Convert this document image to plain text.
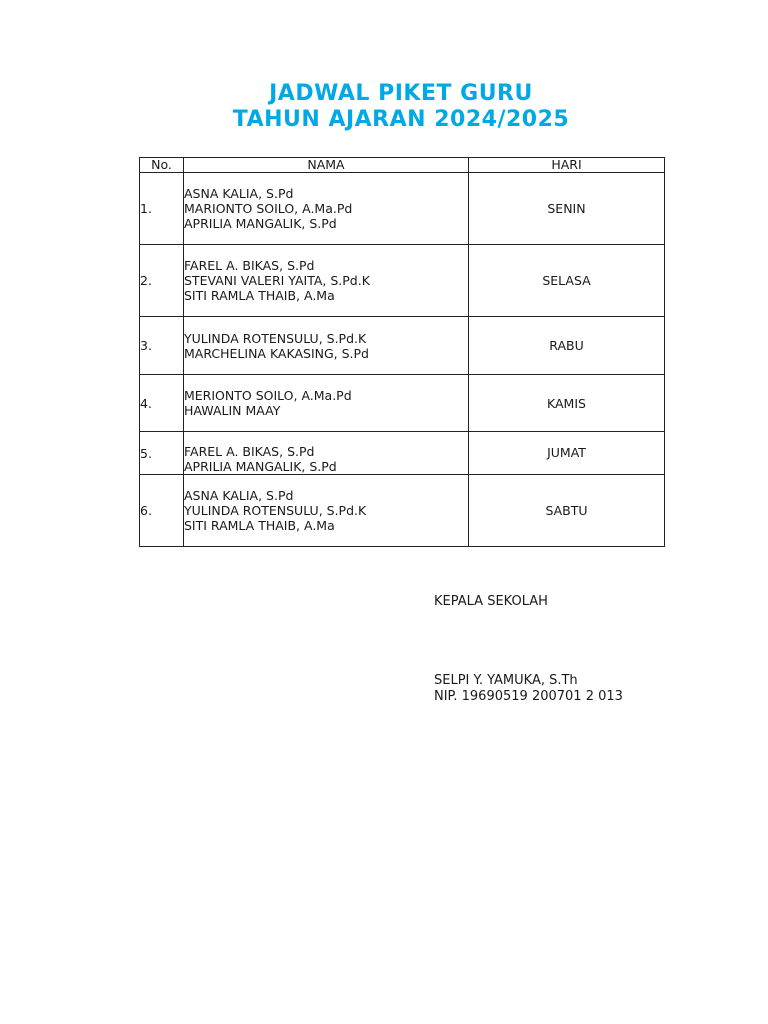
JADWAL PIKET GURU
TAHUN AJARAN 2024/2025
No.	NAMA	HARI
1.	ASNA KALIA, S.Pd
MARIONTO SOILO, A.Ma.Pd
APRILIA MANGALIK, S.Pd	SENIN
2.	FAREL A. BIKAS, S.Pd
STEVANI VALERI YAITA, S.Pd.K
SITI RAMLA THAIB, A.Ma	SELASA
3.	YULINDA ROTENSULU, S.Pd.K
MARCHELINA KAKASING, S.Pd	RABU
4.	MERIONTO SOILO, A.Ma.Pd
HAWALIN MAAY	KAMIS
5.	FAREL A. BIKAS, S.Pd
APRILIA MANGALIK, S.Pd	JUMAT
6.	ASNA KALIA, S.Pd
YULINDA ROTENSULU, S.Pd.K
SITI RAMLA THAIB, A.Ma	SABTU
KEPALA SEKOLAH
SELPI Y. YAMUKA, S.Th
NIP. 19690519 200701 2 013
